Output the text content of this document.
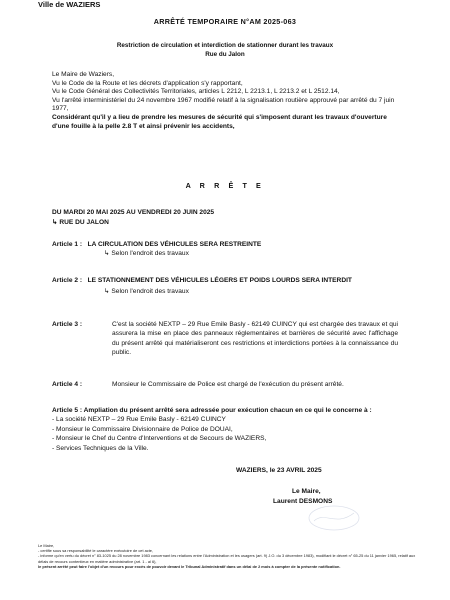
Ville de WAZIERS
ARRÊTÉ TEMPORAIRE N°AM 2025-063
Restriction de circulation et interdiction de stationner durant les travaux
Rue du Jalon

Le Maire de Waziers,

Vu le Code de la Route et les décrets d'application s'y rapportant,

Vu le Code Général des Collectivités Territoriales, articles L 2212, L 2213.1, L 2213.2 et L 2512.14,

Vu l'arrêté interministériel du 24 novembre 1967 modifié relatif à la signalisation routière approuvé par arrêté du 7 juin 1977,

Considérant qu'il y a lieu de prendre les mesures de sécurité qui s'imposent durant les travaux d'ouverture d'une fouille à la pelle 2.8 T et ainsi prévenir les accidents,

A R R Ê T E
DU MARDI 20 MAI 2025 AU VENDREDI 20 JUIN 2025
↳ RUE DU JALON
Article 1 : LA CIRCULATION DES VÉHICULES SERA RESTREINTE
↳ Selon l'endroit des travaux
Article 2 : LE STATIONNEMENT DES VÉHICULES LÉGERS ET POIDS LOURDS SERA INTERDIT
↳ Selon l'endroit des travaux
Article 3 :	C'est la société NEXTP – 29 Rue Emile Basly - 62149 CUINCY qui est chargée des travaux et qui assurera la mise en place des panneaux réglementaires et barrières de sécurité avec l'affichage du présent arrêté qui matérialiseront ces restrictions et interdictions portées à la connaissance du public.
Article 4 :	Monsieur le Commissaire de Police est chargé de l'exécution du présent arrêté.
Article 5 : Ampliation du présent arrêté sera adressée pour exécution chacun en ce qui le concerne à :
- La société NEXTP – 29 Rue Emile Basly - 62149 CUINCY
- Monsieur le Commissaire Divisionnaire de Police de DOUAI,
- Monsieur le Chef du Centre d'Interventions et de Secours de WAZIERS,
- Services Techniques de la Ville.
WAZIERS, le 23 AVRIL 2025
Le Maire,
Laurent DESMONS

Le Maire,

- certifie sous sa responsabilité le caractère exécutoire de cet acte,

- informe qu'en vertu du décret n° 83-1025 du 28 novembre 1983 concernant les relations entre l'Administration et les usagers (art. 9) J.O. du 3 décembre 1983), modifiant le décret n° 65-25 du 11 janvier 1965, relatif aux délais de recours contentieux en matière administrative (art. 1 - al 6),

le présent arrêté peut faire l'objet d'un recours pour excès de pouvoir devant le Tribunal Administratif dans un délai de 2 mois à compter de la présente notification.
